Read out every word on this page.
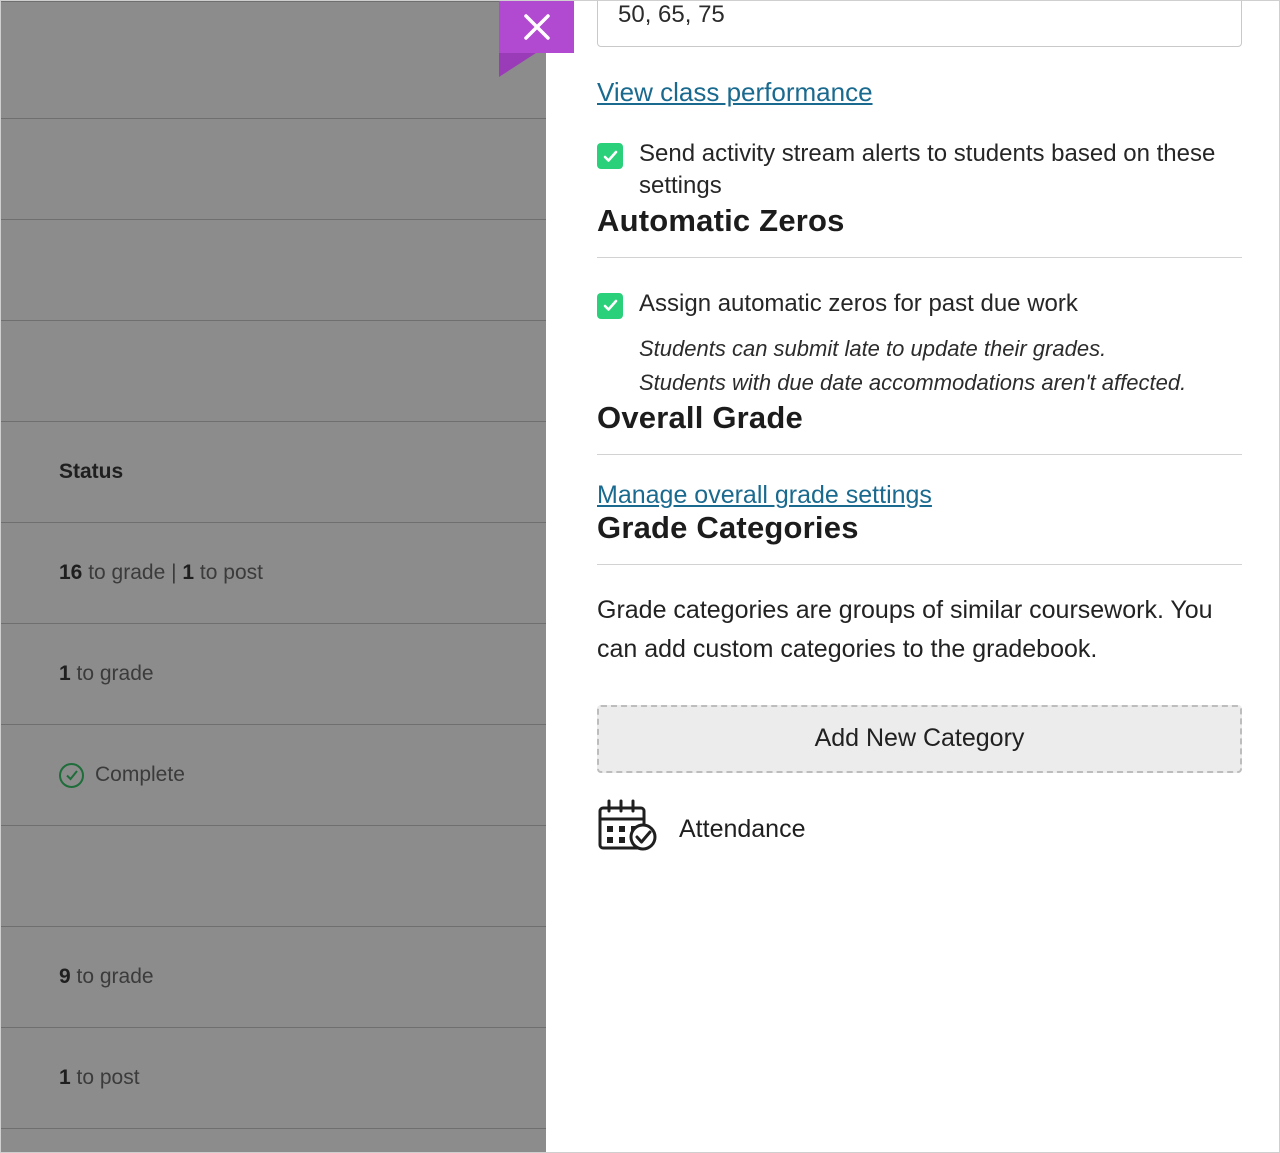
Status
16 to grade | 1 to post
1 to grade
Complete
9 to grade
1 to post
50, 65, 75
View class performance
Send activity stream alerts to students based on these settings
Automatic Zeros
Assign automatic zeros for past due work
Students can submit late to update their grades.
Students with due date accommodations aren't affected.
Overall Grade
Manage overall grade settings
Grade Categories

Grade categories are groups of similar coursework. You can add custom categories to the gradebook.

Add New Category
Attendance
